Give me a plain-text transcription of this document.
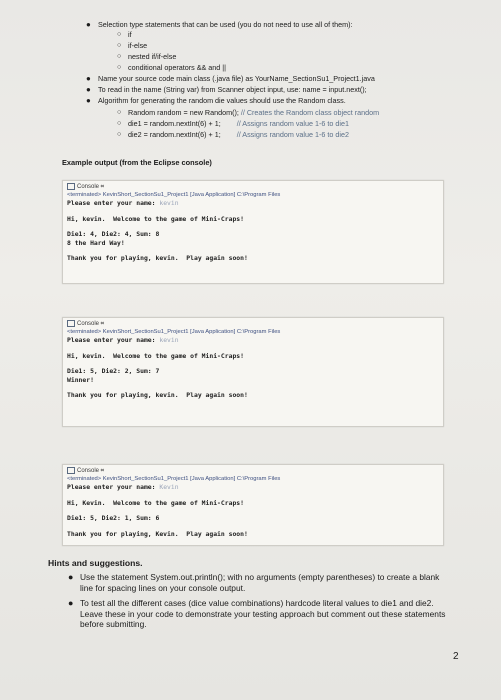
● Selection type statements that can be used (you do not need to use all of them):
○ if
○ if-else
○ nested if/if-else
○ conditional operators && and ||
● Name your source code main class (.java file) as YourName_SectionSu1_Project1.java
● To read in the name (String var) from Scanner object input, use: name = input.next();
● Algorithm for generating the random die values should use the Random class.
○ Random random = new Random(); // Creates the Random class object random
○ die1 = random.nextInt(6) + 1; // Assigns random value 1-6 to die1
○ die2 = random.nextInt(6) + 1; // Assigns random value 1-6 to die2
Example output (from the Eclipse console)
Console ⌗
<terminated> KevinShort_SectionSu1_Project1 [Java Application] C:\Program Files
Please enter your name: kevin
Hi, kevin.  Welcome to the game of Mini-Craps!
Die1: 4, Die2: 4, Sum: 8
8 the Hard Way!
Thank you for playing, kevin.  Play again soon!
Console ⌗
<terminated> KevinShort_SectionSu1_Project1 [Java Application] C:\Program Files
Please enter your name: kevin
Hi, kevin.  Welcome to the game of Mini-Craps!
Die1: 5, Die2: 2, Sum: 7
Winner!
Thank you for playing, kevin.  Play again soon!
Console ⌗
<terminated> KevinShort_SectionSu1_Project1 [Java Application] C:\Program Files
Please enter your name: Kevin
Hi, Kevin.  Welcome to the game of Mini-Craps!
Die1: 5, Die2: 1, Sum: 6
Thank you for playing, Kevin.  Play again soon!
Hints and suggestions.
● Use the statement System.out.println(); with no arguments (empty parentheses) to create a blank line for spacing lines on your console output.
● To test all the different cases (dice value combinations) hardcode literal values to die1 and die2. Leave these in your code to demonstrate your testing approach but comment out these statements before submitting.
2
